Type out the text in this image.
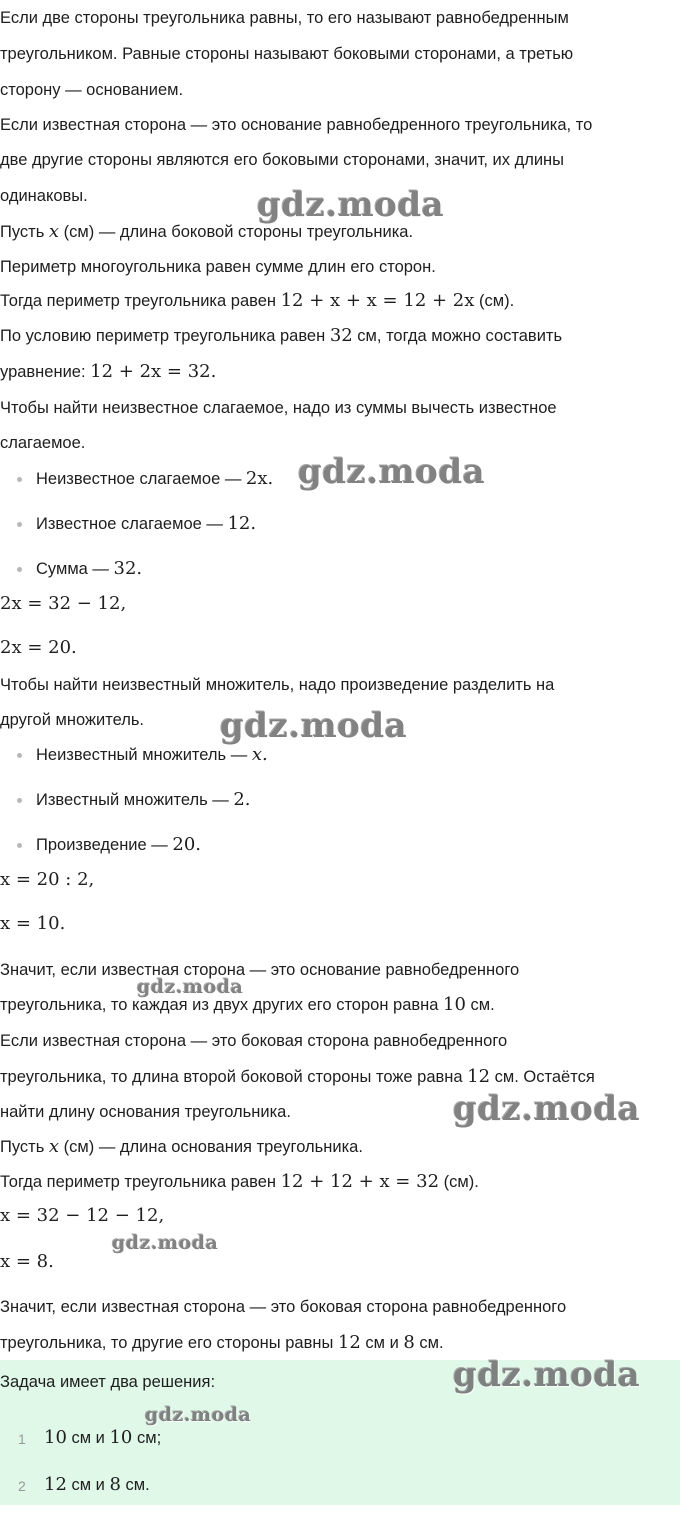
Если две стороны треугольника равны, то его называют равнобедренным
треугольником. Равные стороны называют боковыми сторонами, а третью
сторону — основанием.
Если известная сторона — это основание равнобедренного треугольника, то
две другие стороны являются его боковыми сторонами, значит, их длины
одинаковы.
Пусть x (см) — длина боковой стороны треугольника.
Периметр многоугольника равен сумме длин его сторон.
Тогда периметр треугольника равен 12 + x + x = 12 + 2x (см).
По условию периметр треугольника равен 32 см, тогда можно составить
уравнение: 12 + 2x = 32.
Чтобы найти неизвестное слагаемое, надо из суммы вычесть известное
слагаемое.
Неизвестное слагаемое — 2x.
Известное слагаемое — 12.
Сумма — 32.
2x = 32 − 12,
2x = 20.
Чтобы найти неизвестный множитель, надо произведение разделить на
другой множитель.
Неизвестный множитель — x.
Известный множитель — 2.
Произведение — 20.
x = 20 : 2,
x = 10.
Значит, если известная сторона — это основание равнобедренного
треугольника, то каждая из двух других его сторон равна 10 см.
Если известная сторона — это боковая сторона равнобедренного
треугольника, то длина второй боковой стороны тоже равна 12 см. Остаётся
найти длину основания треугольника.
Пусть x (см) — длина основания треугольника.
Тогда периметр треугольника равен 12 + 12 + x = 32 (см).
x = 32 − 12 − 12,
x = 8.
Значит, если известная сторона — это боковая сторона равнобедренного
треугольника, то другие его стороны равны 12 см и 8 см.
Задача имеет два решения:
1 10 см и 10 см;
2 12 см и 8 см.
gdz.moda
gdz.moda
gdz.moda
gdz.moda
gdz.moda
gdz.moda
gdz.moda
gdz.moda
